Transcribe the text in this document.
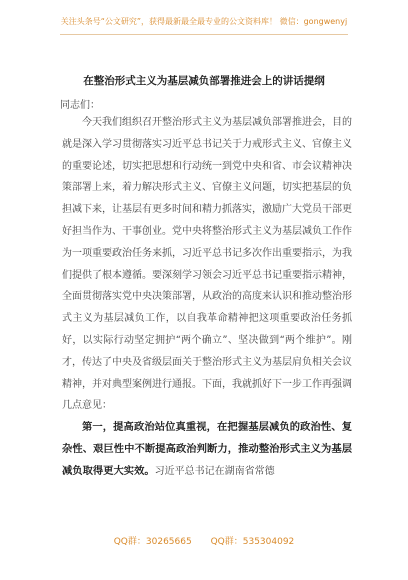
关注头条号“公文研究”，获得最新最全最专业的公文资料库！ 微信：gongwenyj
在整治形式主义为基层减负部署推进会上的讲话提纲
同志们：

今天我们组织召开整治形式主义为基层减负部署推进会，目的就是深入学习贯彻落实习近平总书记关于力戒形式主义、官僚主义的重要论述，切实把思想和行动统一到党中央和省、市会议精神决策部署上来，着力解决形式主义、官僚主义问题，切实把基层的负担减下来，让基层有更多时间和精力抓落实，激励广大党员干部更好担当作为、干事创业。党中央将整治形式主义为基层减负工作作为一项重要政治任务来抓，习近平总书记多次作出重要指示，为我们提供了根本遵循。要深刻学习领会习近平总书记重要指示精神，全面贯彻落实党中央决策部署，从政治的高度来认识和推动整治形式主义为基层减负工作，以自我革命精神把这项重要政治任务抓好，以实际行动坚定拥护“两个确立”、坚决做到“两个维护”。刚才，传达了中央及省级层面关于整治形式主义为基层肩负相关会议精神，并对典型案例进行通报。下面，我就抓好下一步工作再强调几点意见：

第一，提高政治站位真重视，在把握基层减负的政治性、复杂性、艰巨性中不断提高政治判断力，推动整治形式主义为基层减负取得更大实效。习近平总书记在湖南省常德

QQ群：30265665 QQ群：535304092
